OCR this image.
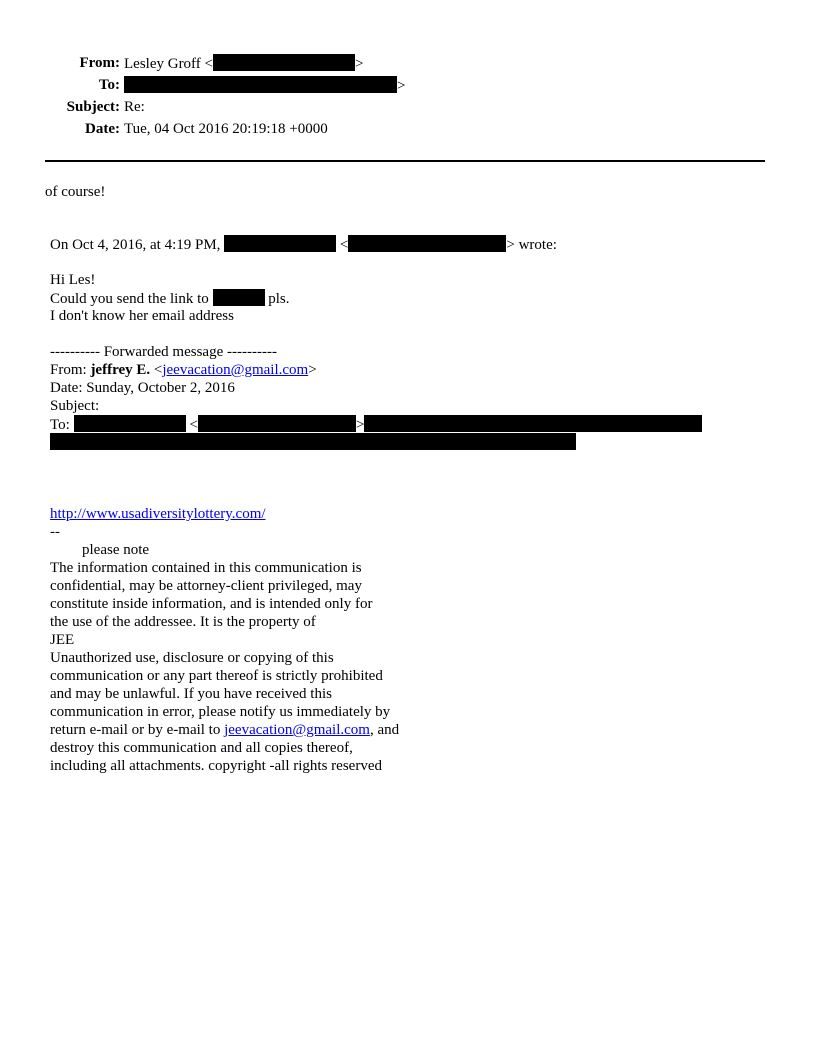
From: Lesley Groff <	>
To:	>
Subject: Re:
Date: Tue, 04 Oct 2016 20:19:18 +0000
of course!
On Oct 4, 2016, at 4:19 PM,	<	> wrote:
Hi Les!
Could you send the link to	pls.
I don't know her email address
---------- Forwarded message ----------
From: jeffrey E. <jeevacation@gmail.com>
Date: Sunday, October 2, 2016
Subject:
To:	<	>
http://www.usadiversitylottery.com/
--
please note
The information contained in this communication is
confidential, may be attorney-client privileged, may
constitute inside information, and is intended only for
the use of the addressee. It is the property of
JEE
Unauthorized use, disclosure or copying of this
communication or any part thereof is strictly prohibited
and may be unlawful. If you have received this
communication in error, please notify us immediately by
return e-mail or by e-mail to jeevacation@gmail.com, and
destroy this communication and all copies thereof,
including all attachments. copyright -all rights reserved
